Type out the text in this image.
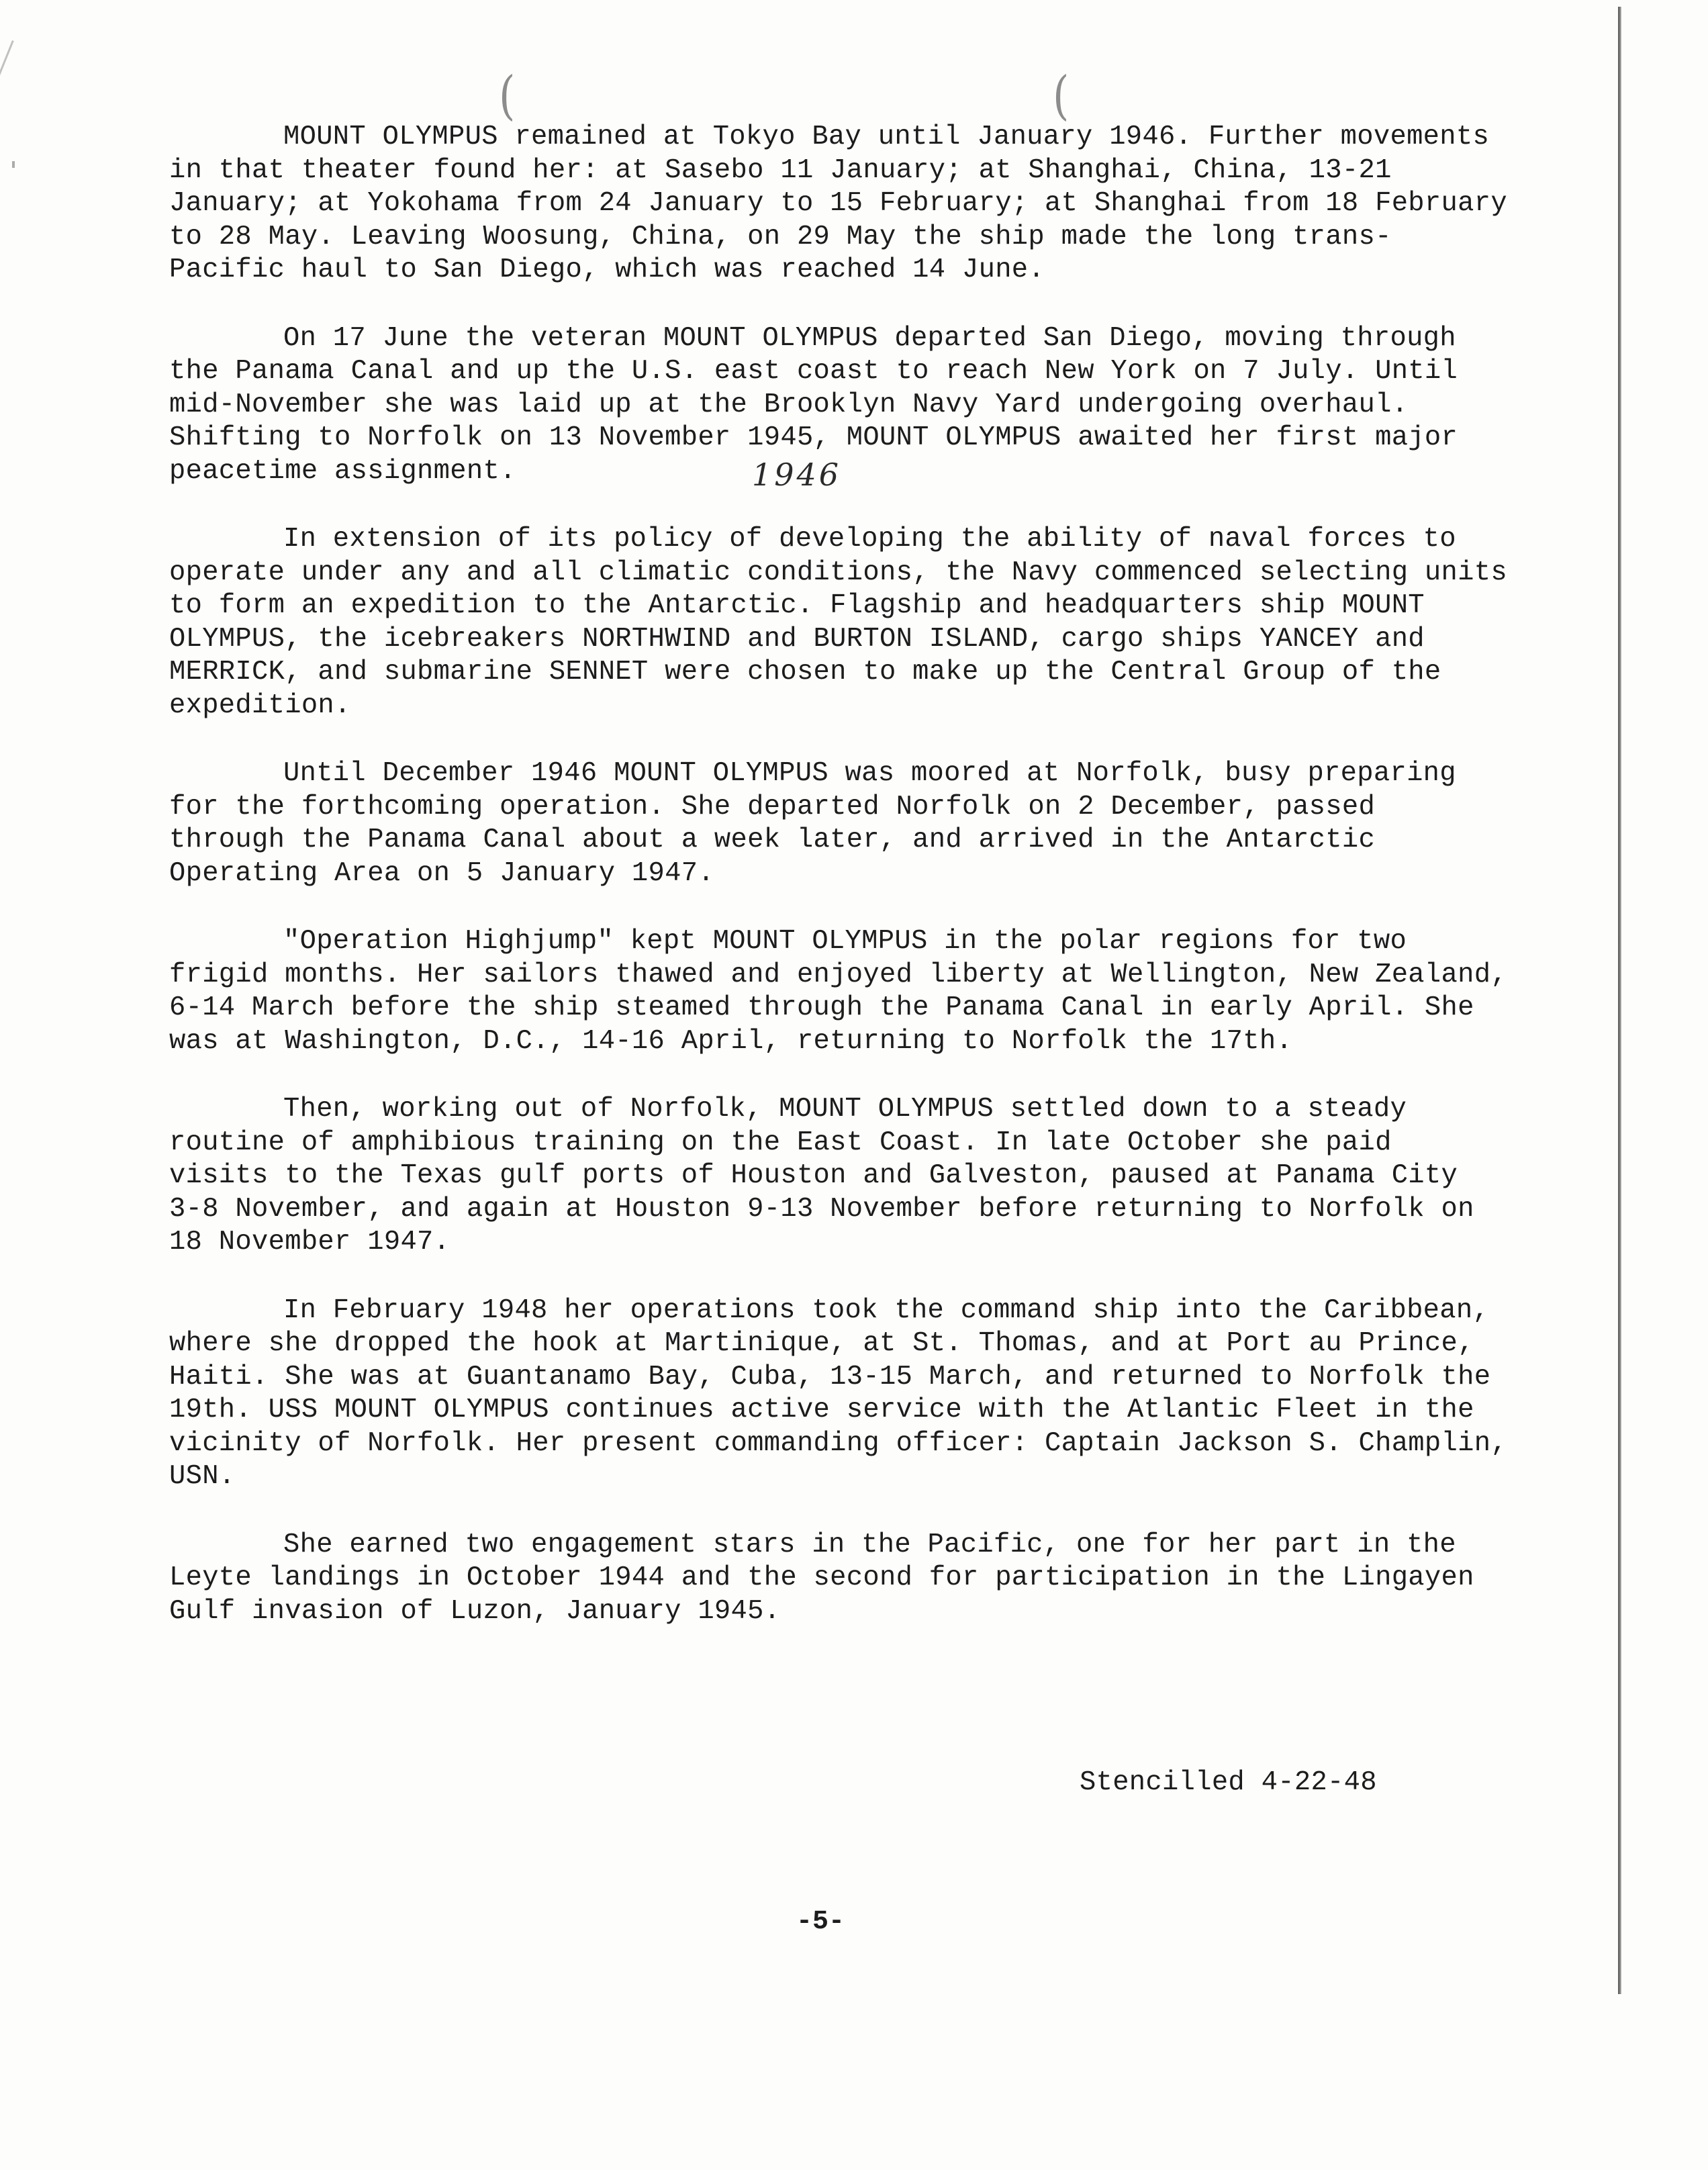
(	(
MOUNT OLYMPUS remained at Tokyo Bay until January 1946. Further movements
in that theater found her: at Sasebo 11 January; at Shanghai, China, 13-21
January; at Yokohama from 24 January to 15 February; at Shanghai from 18 February
to 28 May. Leaving Woosung, China, on 29 May the ship made the long trans-
Pacific haul to San Diego, which was reached 14 June.
On 17 June the veteran MOUNT OLYMPUS departed San Diego, moving through
the Panama Canal and up the U.S. east coast to reach New York on 7 July. Until
mid-November she was laid up at the Brooklyn Navy Yard undergoing overhaul.
Shifting to Norfolk on 13 November 1945, MOUNT OLYMPUS awaited her first major
peacetime assignment.
In extension of its policy of developing the ability of naval forces to
operate under any and all climatic conditions, the Navy commenced selecting units
to form an expedition to the Antarctic. Flagship and headquarters ship MOUNT
OLYMPUS, the icebreakers NORTHWIND and BURTON ISLAND, cargo ships YANCEY and
MERRICK, and submarine SENNET were chosen to make up the Central Group of the
expedition.
Until December 1946 MOUNT OLYMPUS was moored at Norfolk, busy preparing
for the forthcoming operation. She departed Norfolk on 2 December, passed
through the Panama Canal about a week later, and arrived in the Antarctic
Operating Area on 5 January 1947.
"Operation Highjump" kept MOUNT OLYMPUS in the polar regions for two
frigid months. Her sailors thawed and enjoyed liberty at Wellington, New Zealand,
6-14 March before the ship steamed through the Panama Canal in early April. She
was at Washington, D.C., 14-16 April, returning to Norfolk the 17th.
Then, working out of Norfolk, MOUNT OLYMPUS settled down to a steady
routine of amphibious training on the East Coast. In late October she paid
visits to the Texas gulf ports of Houston and Galveston, paused at Panama City
3-8 November, and again at Houston 9-13 November before returning to Norfolk on
18 November 1947.
In February 1948 her operations took the command ship into the Caribbean,
where she dropped the hook at Martinique, at St. Thomas, and at Port au Prince,
Haiti. She was at Guantanamo Bay, Cuba, 13-15 March, and returned to Norfolk the
19th. USS MOUNT OLYMPUS continues active service with the Atlantic Fleet in the
vicinity of Norfolk. Her present commanding officer: Captain Jackson S. Champlin,
USN.
She earned two engagement stars in the Pacific, one for her part in the
Leyte landings in October 1944 and the second for participation in the Lingayen
Gulf invasion of Luzon, January 1945.
1946
Stencilled 4-22-48
-5-
